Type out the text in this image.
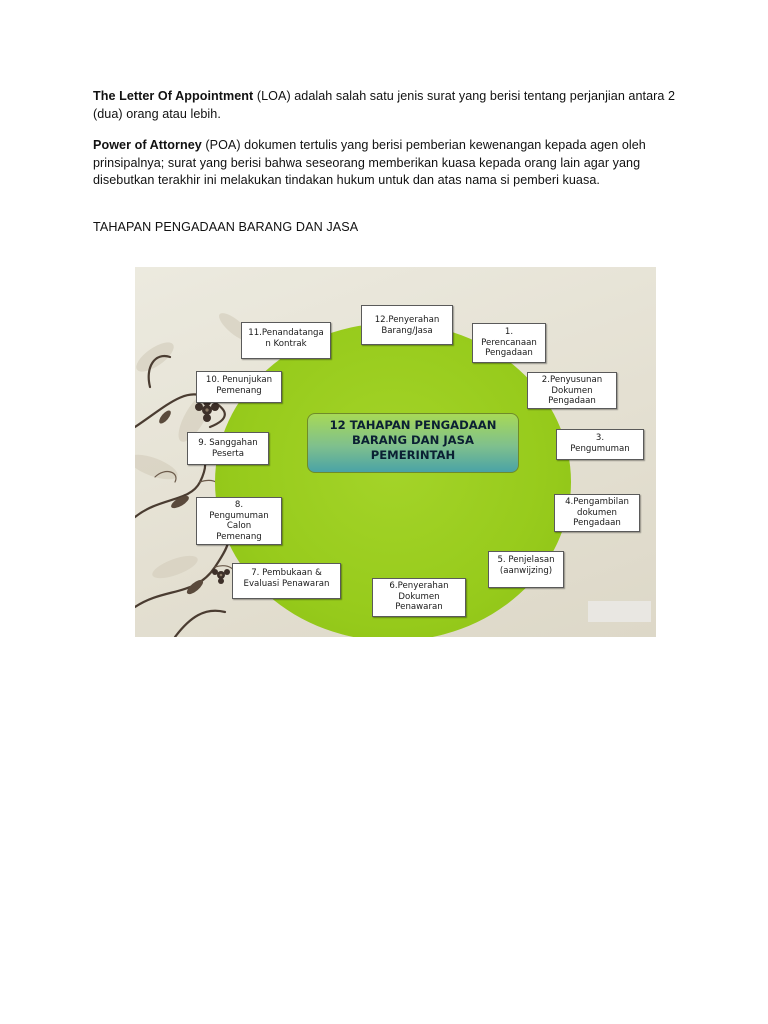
The Letter Of Appointment (LOA) adalah salah satu jenis surat yang berisi tentang perjanjian antara 2 (dua) orang atau lebih.
Power of Attorney (POA) dokumen tertulis yang berisi pemberian kewenangan kepada agen oleh prinsipalnya; surat yang berisi bahwa seseorang memberikan kuasa kepada orang lain agar yang disebutkan terakhir ini melakukan tindakan hukum untuk dan atas nama si pemberi kuasa.
TAHAPAN PENGADAAN BARANG DAN JASA
12 TAHAPAN PENGADAAN
BARANG DAN JASA
PEMERINTAH
12.Penyerahan
Barang/Jasa	1.
Perencanaan
Pengadaan
2.Penyusunan
Dokumen
Pengadaan
3.
Pengumuman
4.Pengambilan
dokumen
Pengadaan
5. Penjelasan
(aanwijzing)
6.Penyerahan
Dokumen
Penawaran
7. Pembukaan &
Evaluasi Penawaran
8.
Pengumuman
Calon
Pemenang
9. Sanggahan
Peserta
10. Penunjukan
Pemenang
11.Penandatanga
n Kontrak
